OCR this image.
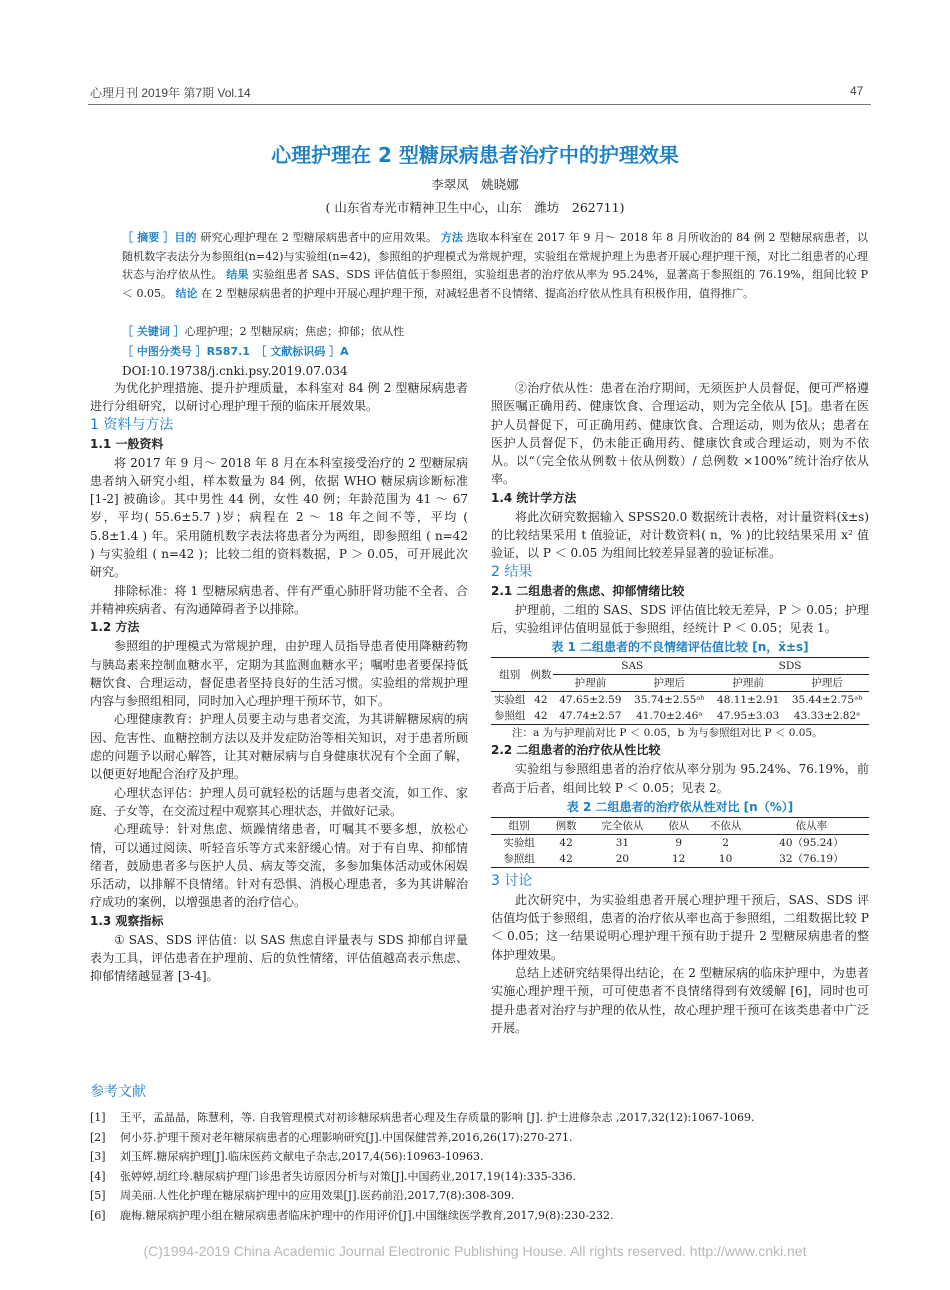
心理月刊 2019年 第7期 Vol.14	47
心理护理在 2 型糖尿病患者治疗中的护理效果
李翠凤　姚晓娜
( 山东省寿光市精神卫生中心，山东　潍坊　262711)
［ 摘要 ］目的 研究心理护理在 2 型糖尿病患者中的应用效果。 方法 选取本科室在 2017 年 9 月～ 2018 年 8 月所收治的 84 例 2 型糖尿病患者，以随机数字表法分为参照组(n=42)与实验组(n=42)，参照组的护理模式为常规护理，实验组在常规护理上为患者开展心理护理干预，对比二组患者的心理状态与治疗依从性。 结果 实验组患者 SAS、SDS 评估值低于参照组，实验组患者的治疗依从率为 95.24%，显著高于参照组的 76.19%，组间比较 P ＜ 0.05。 结论 在 2 型糖尿病患者的护理中开展心理护理干预，对减轻患者不良情绪、提高治疗依从性具有积极作用，值得推广。
［ 关键词 ］心理护理；2 型糖尿病；焦虑；抑郁；依从性
［ 中图分类号 ］R587.1　 ［ 文献标识码 ］A
DOI:10.19738/j.cnki.psy.2019.07.034

为优化护理措施、提升护理质量，本科室对 84 例 2 型糖尿病患者进行分组研究，以研讨心理护理干预的临床开展效果。

1 资料与方法

1.1 一般资料

将 2017 年 9 月～ 2018 年 8 月在本科室接受治疗的 2 型糖尿病患者纳入研究小组，样本数量为 84 例，依据 WHO 糖尿病诊断标准 [1-2] 被确诊。其中男性 44 例，女性 40 例；年龄范围为 41 ～ 67 岁，平均( 55.6±5.7 )岁；病程在 2 ～ 18 年之间不等，平均 ( 5.8±1.4 ) 年。采用随机数字表法将患者分为两组，即参照组 ( n=42 ) 与实验组 ( n=42 )；比较二组的资料数据，P ＞ 0.05，可开展此次研究。

排除标准：将 1 型糖尿病患者、伴有严重心肺肝肾功能不全者、合并精神疾病者、有沟通障碍者予以排除。

1.2 方法

参照组的护理模式为常规护理，由护理人员指导患者使用降糖药物与胰岛素来控制血糖水平，定期为其监测血糖水平；嘱咐患者要保持低糖饮食、合理运动，督促患者坚持良好的生活习惯。实验组的常规护理内容与参照组相同，同时加入心理护理干预环节，如下。

心理健康教育：护理人员要主动与患者交流，为其讲解糖尿病的病因、危害性、血糖控制方法以及并发症防治等相关知识，对于患者所顾虑的问题予以耐心解答，让其对糖尿病与自身健康状况有个全面了解，以便更好地配合治疗及护理。

心理状态评估：护理人员可就轻松的话题与患者交流，如工作、家庭、子女等，在交流过程中观察其心理状态，并做好记录。

心理疏导：针对焦虑、烦躁情绪患者，叮嘱其不要多想，放松心情，可以通过阅读、听轻音乐等方式来舒缓心情。对于有自卑、抑郁情绪者，鼓励患者多与医护人员、病友等交流，多参加集体活动或休闲娱乐活动，以排解不良情绪。针对有恐惧、消极心理患者，多为其讲解治疗成功的案例，以增强患者的治疗信心。

1.3 观察指标

① SAS、SDS 评估值：以 SAS 焦虑自评量表与 SDS 抑郁自评量表为工具，评估患者在护理前、后的负性情绪，评估值越高表示焦虑、抑郁情绪越显著 [3-4]。

②治疗依从性：患者在治疗期间，无须医护人员督促，便可严格遵照医嘱正确用药、健康饮食、合理运动，则为完全依从 [5]。患者在医护人员督促下，可正确用药、健康饮食、合理运动，则为依从；患者在医护人员督促下，仍未能正确用药、健康饮食或合理运动，则为不依从。以“（完全依从例数＋依从例数）/ 总例数 ×100%”统计治疗依从率。

1.4 统计学方法

将此次研究数据输入 SPSS20.0 数据统计表格，对计量资料(x̄±s)的比较结果采用 t 值验证，对计数资料( n，% )的比较结果采用 x² 值验证，以 P ＜ 0.05 为组间比较差异显著的验证标准。

2 结果

2.1 二组患者的焦虑、抑郁情绪比较

护理前，二组的 SAS、SDS 评估值比较无差异，P ＞ 0.05；护理后，实验组评估值明显低于参照组，经统计 P ＜ 0.05；见表 1。

表 1 二组患者的不良情绪评估值比较 [n，x̄±s]

组别	例数	SAS		SDS	
		护理前	护理后	护理前	护理后
实验组	42	47.65±2.59	35.74±2.55ᵃᵇ	48.11±2.91	35.44±2.75ᵃᵇ
参照组	42	47.74±2.57	41.70±2.46ᵃ	47.95±3.03	43.33±2.82ᵃ

注：a 为与护理前对比 P ＜ 0.05，b 为与参照组对比 P ＜ 0.05。

2.2 二组患者的治疗依从性比较

实验组与参照组患者的治疗依从率分别为 95.24%、76.19%，前者高于后者，组间比较 P ＜ 0.05；见表 2。

表 2 二组患者的治疗依从性对比 [n（%）]

组别	例数	完全依从	依从	不依从	依从率
实验组	42	31	9	2	40（95.24）
参照组	42	20	12	10	32（76.19）

3 讨论

此次研究中，为实验组患者开展心理护理干预后，SAS、SDS 评估值均低于参照组，患者的治疗依从率也高于参照组，二组数据比较 P ＜ 0.05；这一结果说明心理护理干预有助于提升 2 型糖尿病患者的整体护理效果。

总结上述研究结果得出结论，在 2 型糖尿病的临床护理中，为患者实施心理护理干预，可可使患者不良情绪得到有效缓解 [6]，同时也可提升患者对治疗与护理的依从性，故心理护理干预可在该类患者中广泛开展。

参考文献
[1]	王平，孟晶晶，陈慧利，等. 自我管理模式对初诊糖尿病患者心理及生存质量的影响 [J]. 护士进修杂志 ,2017,32(12):1067-1069.
[2]	何小芬.护理干预对老年糖尿病患者的心理影响研究[J].中国保健营养,2016,26(17):270-271.
[3]	刘玉辉.糖尿病护理[J].临床医药文献电子杂志,2017,4(56):10963-10963.
[4]	张婷婷,胡红玲.糖尿病护理门诊患者失访原因分析与对策[J].中国药业,2017,19(14):335-336.
[5]	周美丽.人性化护理在糖尿病护理中的应用效果[J].医药前沿,2017,7(8):308-309.
[6]	鹿梅.糖尿病护理小组在糖尿病患者临床护理中的作用评价[J].中国继续医学教育,2017,9(8):230-232.
(C)1994-2019 China Academic Journal Electronic Publishing House. All rights reserved. http://www.cnki.net
